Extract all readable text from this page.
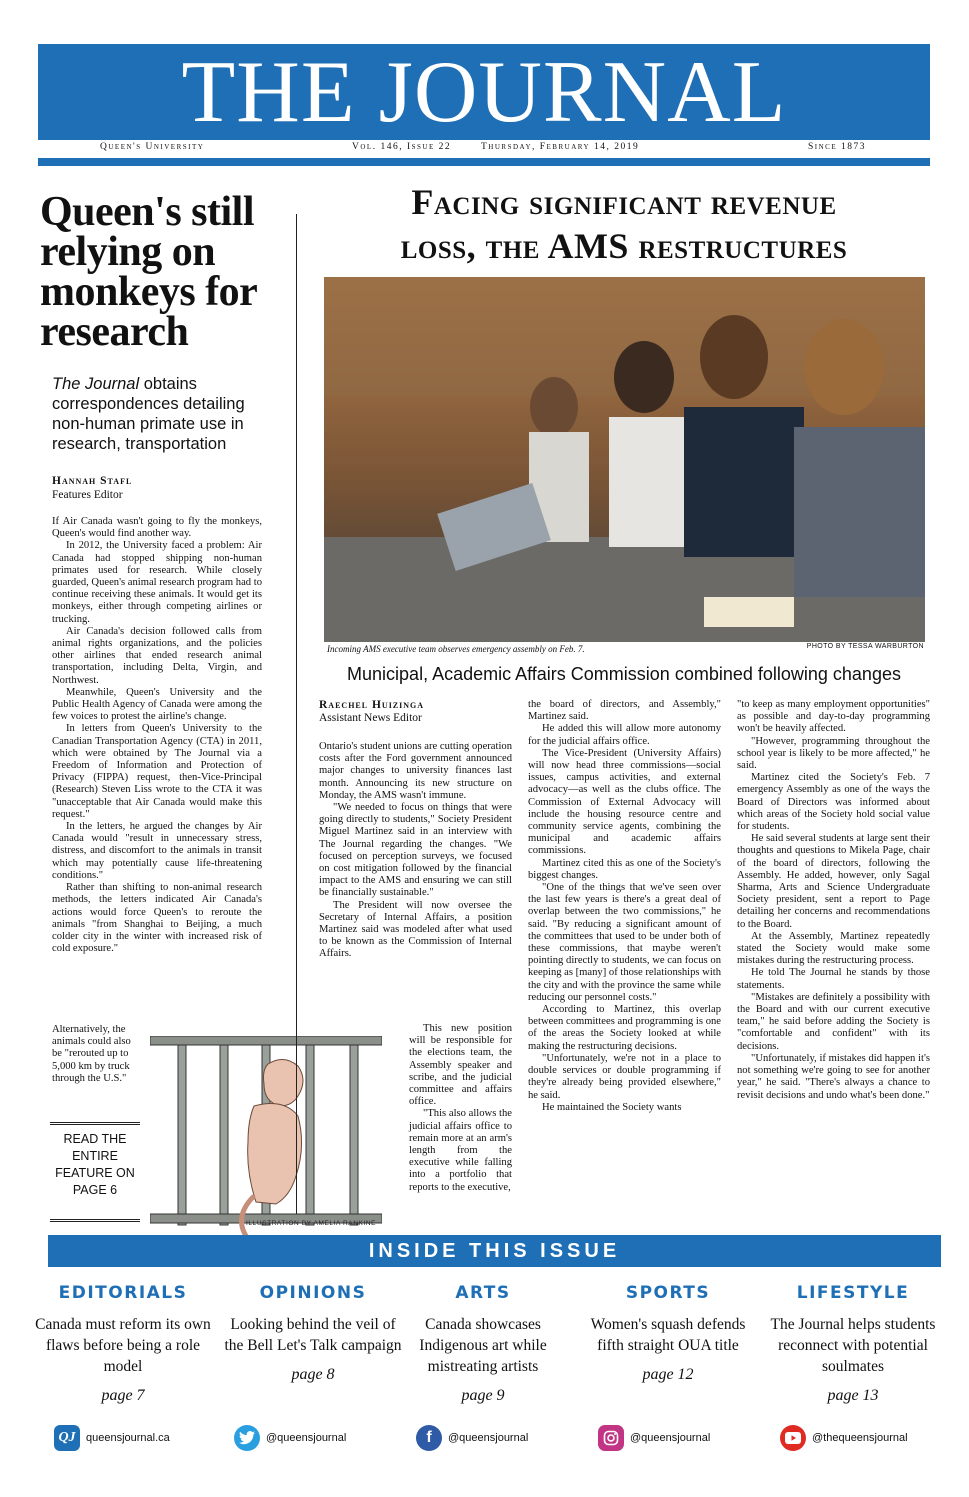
THE JOURNAL
Queen's University	Vol. 146, Issue 22	Thursday, February 14, 2019	Since 1873
Queen's still relying on monkeys for research
The Journal obtains correspondences detailing non-human primate use in research, transportation
Hannah Stafl
Features Editor

If Air Canada wasn't going to fly the monkeys, Queen's would find another way.

In 2012, the University faced a problem: Air Canada had stopped shipping non-human primates used for research. While closely guarded, Queen's animal research program had to continue receiving these animals. It would get its monkeys, either through competing airlines or trucking.

Air Canada's decision followed calls from animal rights organizations, and the policies other airlines that ended research animal transportation, including Delta, Virgin, and Northwest.

Meanwhile, Queen's University and the Public Health Agency of Canada were among the few voices to protest the airline's change.

In letters from Queen's University to the Canadian Transportation Agency (CTA) in 2011, which were obtained by The Journal via a Freedom of Information and Protection of Privacy (FIPPA) request, then-Vice-Principal (Research) Steven Liss wrote to the CTA it was "unacceptable that Air Canada would make this request."

In the letters, he argued the changes by Air Canada would "result in unnecessary stress, distress, and discomfort to the animals in transit which may potentially cause life-threatening conditions."

Rather than shifting to non-animal research methods, the letters indicated Air Canada's actions would force Queen's to reroute the animals "from Shanghai to Beijing, a much colder city in the winter with increased risk of cold exposure."

Alternatively, the animals could also be "rerouted up to 5,000 km by truck through the U.S."

READ THE ENTIRE FEATURE ON PAGE 6
ILLUSTRATION BY AMELIA RANKINE
Facing significant revenue
loss, the AMS restructures
Incoming AMS executive team observes emergency assembly on Feb. 7.	PHOTO BY TESSA WARBURTON
Municipal, Academic Affairs Commission combined following changes
Raechel Huizinga
Assistant News Editor

Ontario's student unions are cutting operation costs after the Ford government announced major changes to university finances last month. Announcing its new structure on Monday, the AMS wasn't immune.

"We needed to focus on things that were going directly to students," Society President Miguel Martinez said in an interview with The Journal regarding the changes. "We focused on perception surveys, we focused on cost mitigation followed by the financial impact to the AMS and ensuring we can still be financially sustainable."

The President will now oversee the Secretary of Internal Affairs, a position Martinez said was modeled after what used to be known as the Commission of Internal Affairs.

This new position will be responsible for the elections team, the Assembly speaker and scribe, and the judicial committee and affairs office.

"This also allows the judicial affairs office to remain more at an arm's length from the executive while falling into a portfolio that reports to the executive,

the board of directors, and Assembly," Martinez said.

He added this will allow more autonomy for the judicial affairs office.

The Vice-President (University Affairs) will now head three commissions—social issues, campus activities, and external advocacy—as well as the clubs office. The Commission of External Advocacy will include the housing resource centre and community service agents, combining the municipal and academic affairs commissions.

Martinez cited this as one of the Society's biggest changes.

"One of the things that we've seen over the last few years is there's a great deal of overlap between the two commissions," he said. "By reducing a significant amount of the committees that used to be under both of these commissions, that maybe weren't pointing directly to students, we can focus on keeping as [many] of those relationships with the city and with the province the same while reducing our personnel costs."

According to Martinez, this overlap between committees and programming is one of the areas the Society looked at while making the restructuring decisions.

"Unfortunately, we're not in a place to double services or double programming if they're already being provided elsewhere," he said.

He maintained the Society wants

"to keep as many employment opportunities" as possible and day-to-day programming won't be heavily affected.

"However, programming throughout the school year is likely to be more affected," he said.

Martinez cited the Society's Feb. 7 emergency Assembly as one of the ways the Board of Directors was informed about which areas of the Society hold social value for students.

He said several students at large sent their thoughts and questions to Mikela Page, chair of the board of directors, following the Assembly. He added, however, only Sagal Sharma, Arts and Science Undergraduate Society president, sent a report to Page detailing her concerns and recommendations to the Board.

At the Assembly, Martinez repeatedly stated the Society would make some mistakes during the restructuring process.

He told The Journal he stands by those statements.

"Mistakes are definitely a possibility with the Board and with our current executive team," he said before adding the Society is "comfortable and confident" with its decisions.

"Unfortunately, if mistakes did happen it's not something we're going to see for another year," he said. "There's always a chance to revisit decisions and undo what's been done."

INSIDE THIS ISSUE
EDITORIALS
Canada must reform its own flaws before being a role model
page 7
OPINIONS
Looking behind the veil of the Bell Let's Talk campaign
page 8
ARTS
Canada showcases Indigenous art while mistreating artists
page 9
SPORTS
Women's squash defends fifth straight OUA title
page 12
LIFESTYLE
The Journal helps students reconnect with potential soulmates
page 13
QJ queensjournal.ca	@queensjournal	f	@queensjournal	@queensjournal	@thequeensjournal
